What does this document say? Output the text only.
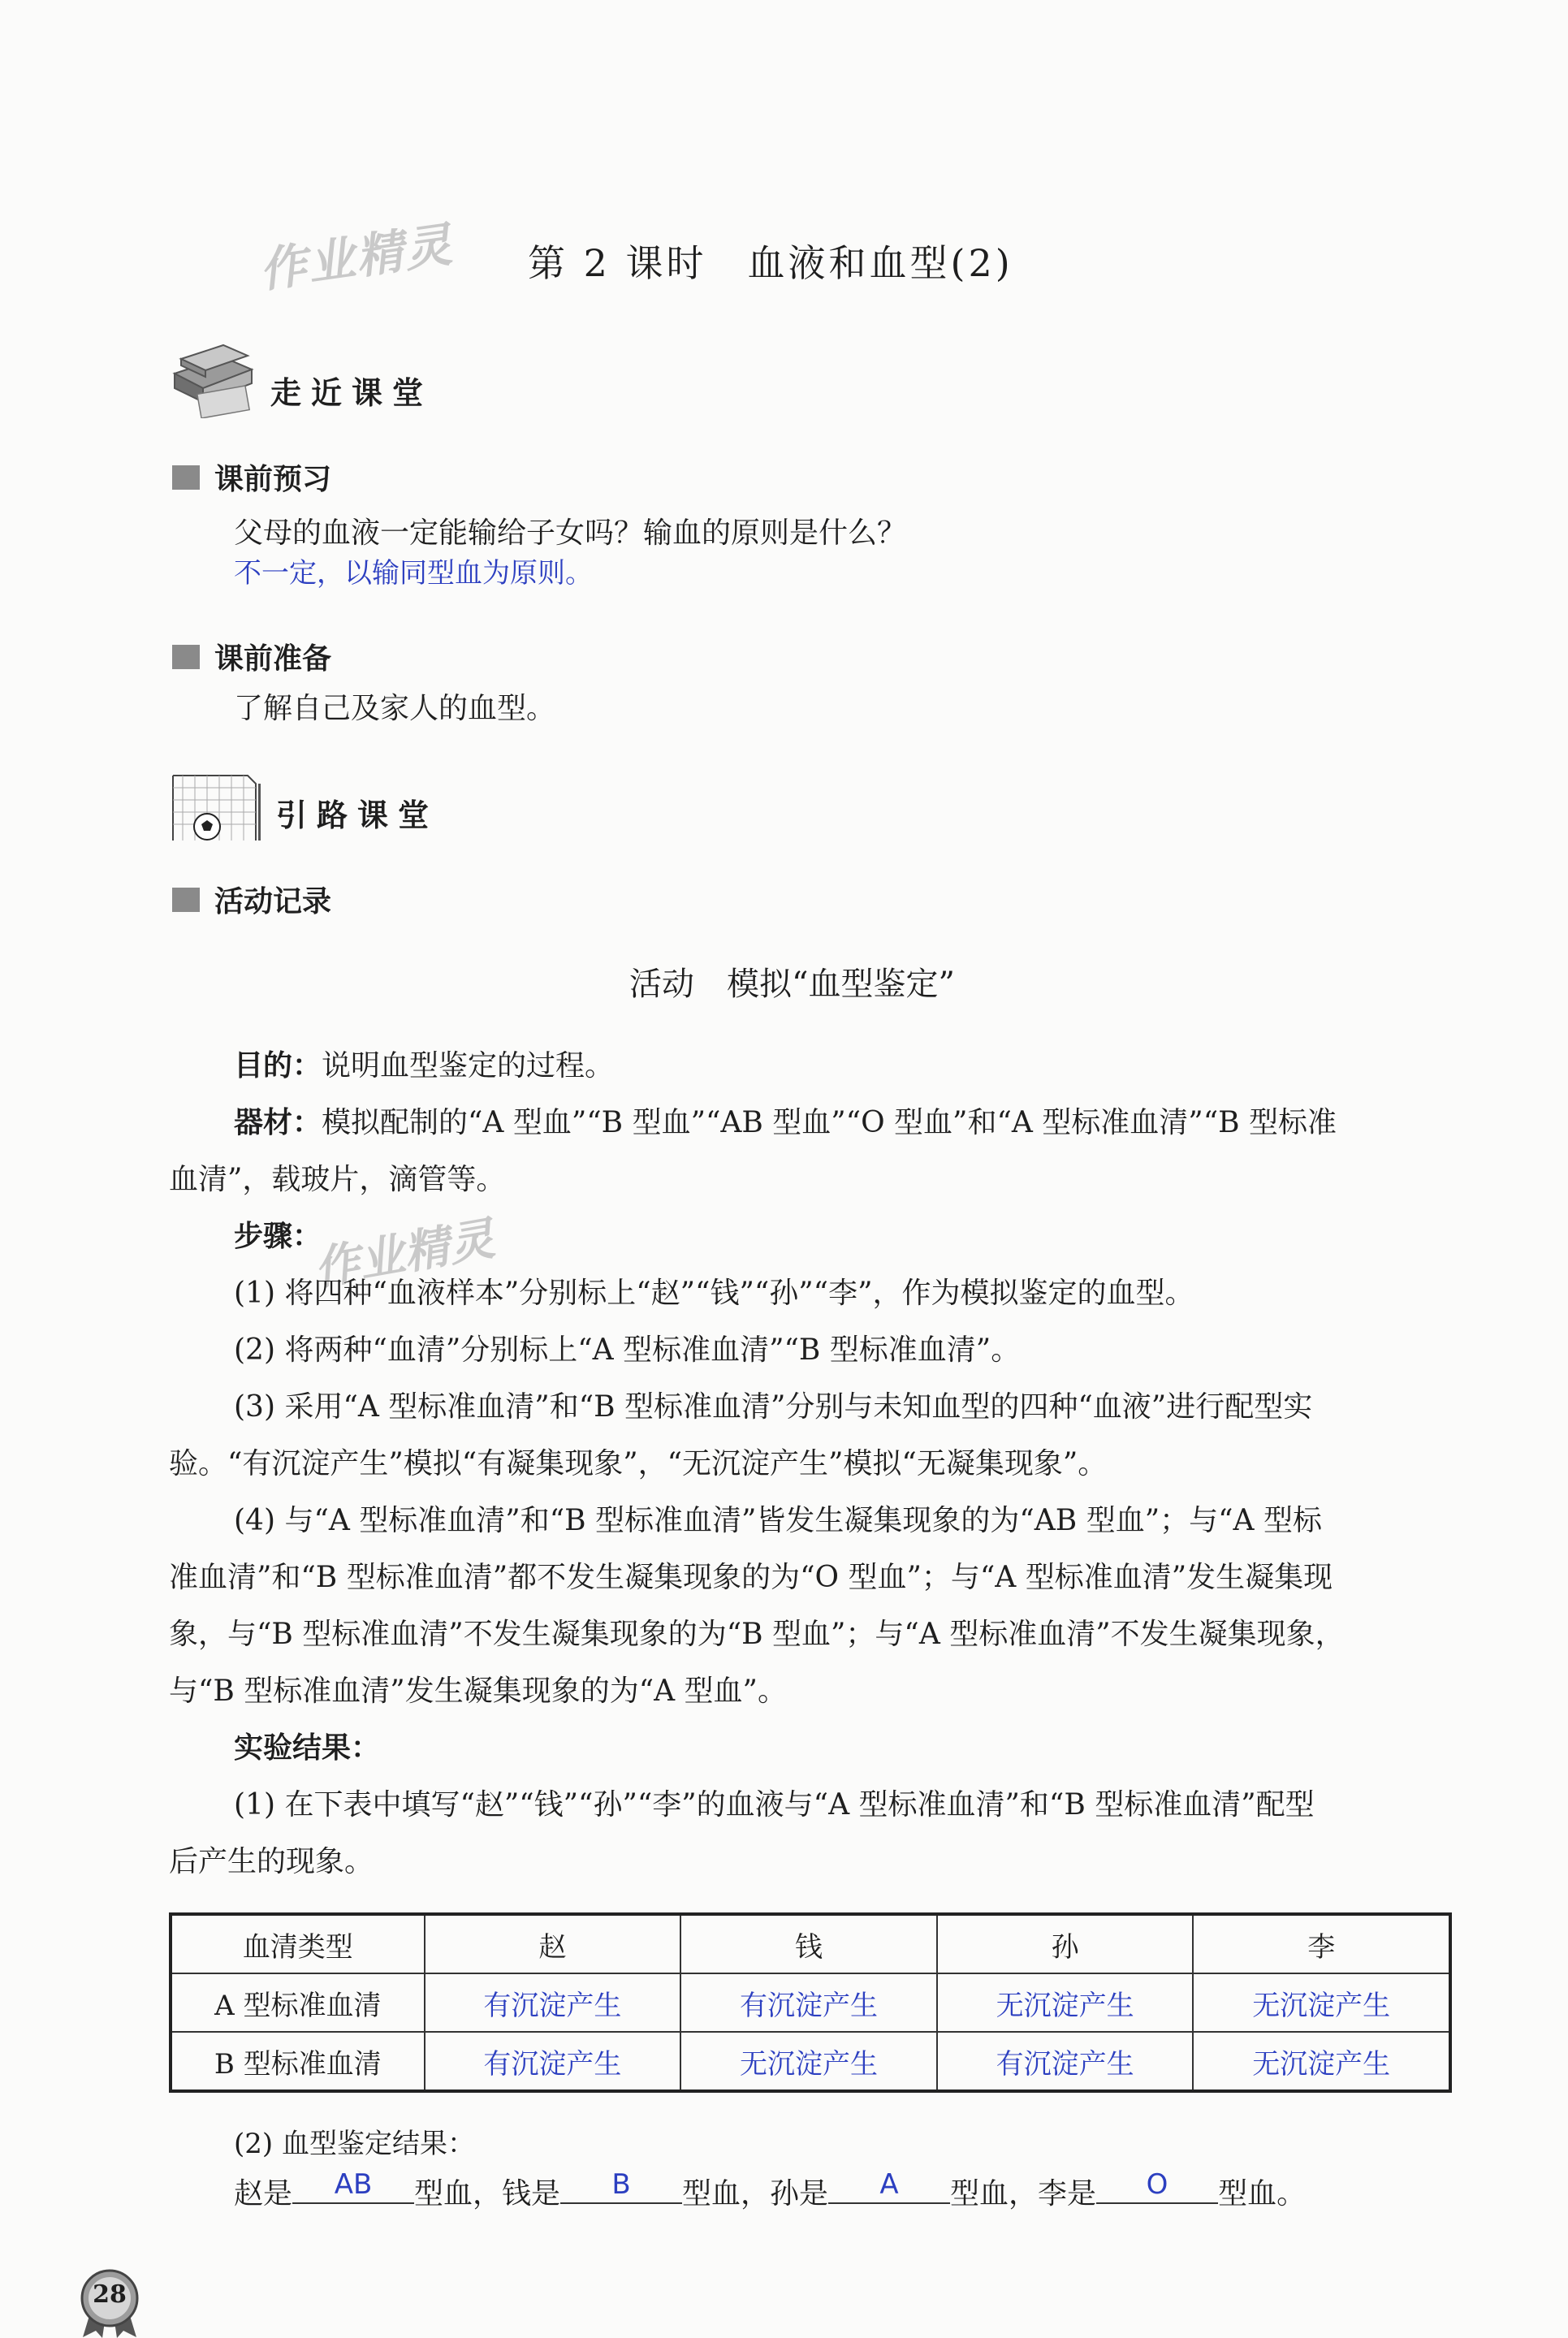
作业精灵 第 2 课时　血液和血型(2)
走近课堂
课前预习
父母的血液一定能输给子女吗？输血的原则是什么？
不一定，以输同型血为原则。
课前准备
了解自己及家人的血型。
引路课堂
活动记录
活动　模拟“血型鉴定”
目的：说明血型鉴定的过程。
器材：模拟配制的“A 型血”“B 型血”“AB 型血”“O 型血”和“A 型标准血清”“B 型标准
血清”，载玻片，滴管等。
作业精灵
步骤：
(1) 将四种“血液样本”分别标上“赵”“钱”“孙”“李”，作为模拟鉴定的血型。
(2) 将两种“血清”分别标上“A 型标准血清”“B 型标准血清”。
(3) 采用“A 型标准血清”和“B 型标准血清”分别与未知血型的四种“血液”进行配型实
验。“有沉淀产生”模拟“有凝集现象”，“无沉淀产生”模拟“无凝集现象”。
(4) 与“A 型标准血清”和“B 型标准血清”皆发生凝集现象的为“AB 型血”；与“A 型标
准血清”和“B 型标准血清”都不发生凝集现象的为“O 型血”；与“A 型标准血清”发生凝集现
象，与“B 型标准血清”不发生凝集现象的为“B 型血”；与“A 型标准血清”不发生凝集现象，
与“B 型标准血清”发生凝集现象的为“A 型血”。
实验结果：
(1) 在下表中填写“赵”“钱”“孙”“李”的血液与“A 型标准血清”和“B 型标准血清”配型
后产生的现象。
血清类型	赵	钱	孙	李
A 型标准血清	有沉淀产生	有沉淀产生	无沉淀产生	无沉淀产生
B 型标准血清	有沉淀产生	无沉淀产生	有沉淀产生	无沉淀产生
(2) 血型鉴定结果：
赵是 AB 型血，钱是 B 型血，孙是 A 型血，李是 O 型血。
28
